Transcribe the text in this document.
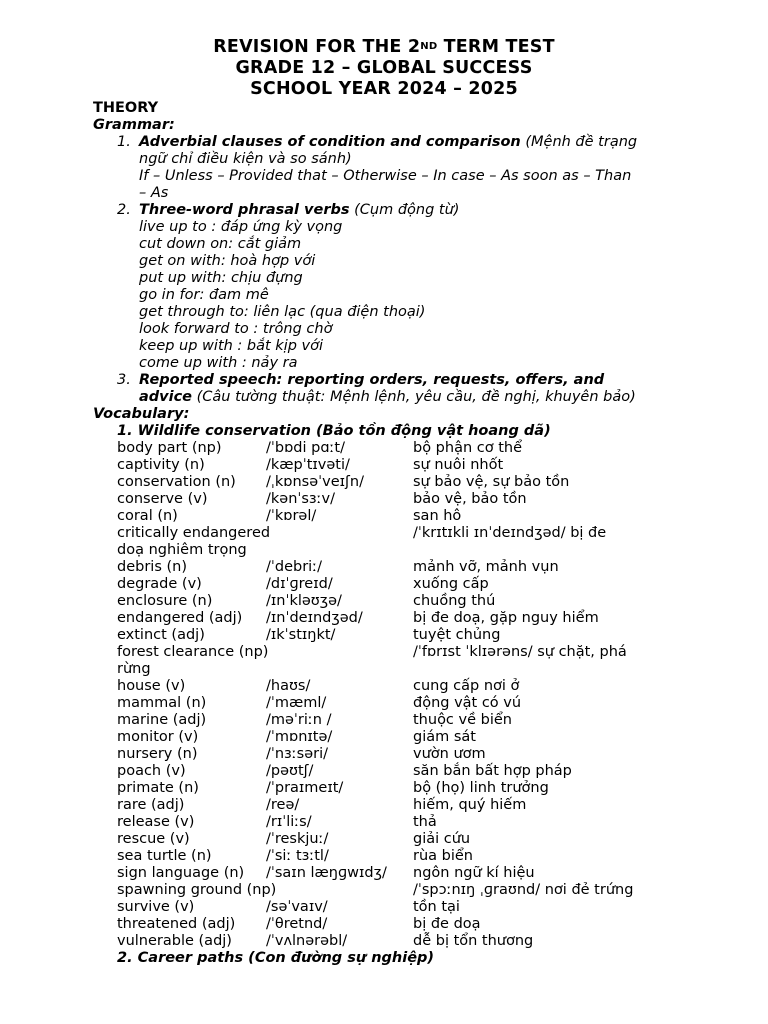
REVISION FOR THE 2ND TERM TEST
GRADE 12 – GLOBAL SUCCESS
SCHOOL YEAR 2024 – 2025
THEORY
Grammar:
1. Adverbial clauses of condition and comparison (Mệnh đề trạng
ngữ chỉ điều kiện và so sánh)
If – Unless – Provided that – Otherwise – In case – As soon as – Than
– As
2. Three-word phrasal verbs (Cụm động từ)
live up to : đáp ứng kỳ vọng
cut down on: cắt giảm
get on with: hoà hợp với
put up with: chịu đựng
go in for: đam mê
get through to: liên lạc (qua điện thoại)
look forward to : trông chờ
keep up with : bắt kịp với
come up with : nảy ra
3. Reported speech: reporting orders, requests, offers, and
advice (Câu tường thuật: Mệnh lệnh, yêu cầu, đề nghị, khuyên bảo)
Vocabulary:
1. Wildlife conservation (Bảo tồn động vật hoang dã)
body part (np)	/ˈbɒdi pɑːt/	bộ phận cơ thể
captivity (n)	/kæpˈtɪvəti/	sự nuôi nhốt
conservation (n) /ˌkɒnsəˈveɪʃn/	sự bảo vệ, sự bảo tồn
conserve (v)	/kənˈsɜːv/	bảo vệ, bảo tồn
coral (n)	/ˈkɒrəl/	san hô
critically endangered	/ˈkrɪtɪkli ɪnˈdeɪndʒəd/ bị đe
doạ nghiêm trọng
debris (n)	/ˈdebriː/	mảnh vỡ, mảnh vụn
degrade (v)	/dɪˈɡreɪd/	xuống cấp
enclosure (n)	/ɪnˈkləʊʒə/	chuồng thú
endangered (adj) /ɪnˈdeɪndʒəd/	bị đe doạ, gặp nguy hiểm
extinct (adj)	/ɪkˈstɪŋkt/	tuyệt chủng
forest clearance (np)	/ˈfɒrɪst ˈklɪərəns/ sự chặt, phá
rừng
house (v)	/haʊs/	cung cấp nơi ở
mammal (n)	/ˈmæml/	động vật có vú
marine (adj)	/məˈriːn /	thuộc về biển
monitor (v)	/ˈmɒnɪtə/	giám sát
nursery (n)	/ˈnɜːsəri/	vườn ươm
poach (v)	/pəʊtʃ/	săn bắn bất hợp pháp
primate (n)	/ˈpraɪmeɪt/	bộ (họ) linh trưởng
rare (adj)	/reə/	hiếm, quý hiếm
release (v)	/rɪˈliːs/	thả
rescue (v)	/ˈreskjuː/	giải cứu
sea turtle (n)	/ˈsiː tɜːtl/	rùa biển
sign language (n) /ˈsaɪn læŋɡwɪdʒ/ ngôn ngữ kí hiệu
spawning ground (np)	/ˈspɔːnɪŋ ˌɡraʊnd/ nơi đẻ trứng
survive (v)	/səˈvaɪv/	tồn tại
threatened (adj) /ˈθretnd/	bị đe doạ
vulnerable (adj) /ˈvʌlnərəbl/	dễ bị tổn thương
2. Career paths (Con đường sự nghiệp)
